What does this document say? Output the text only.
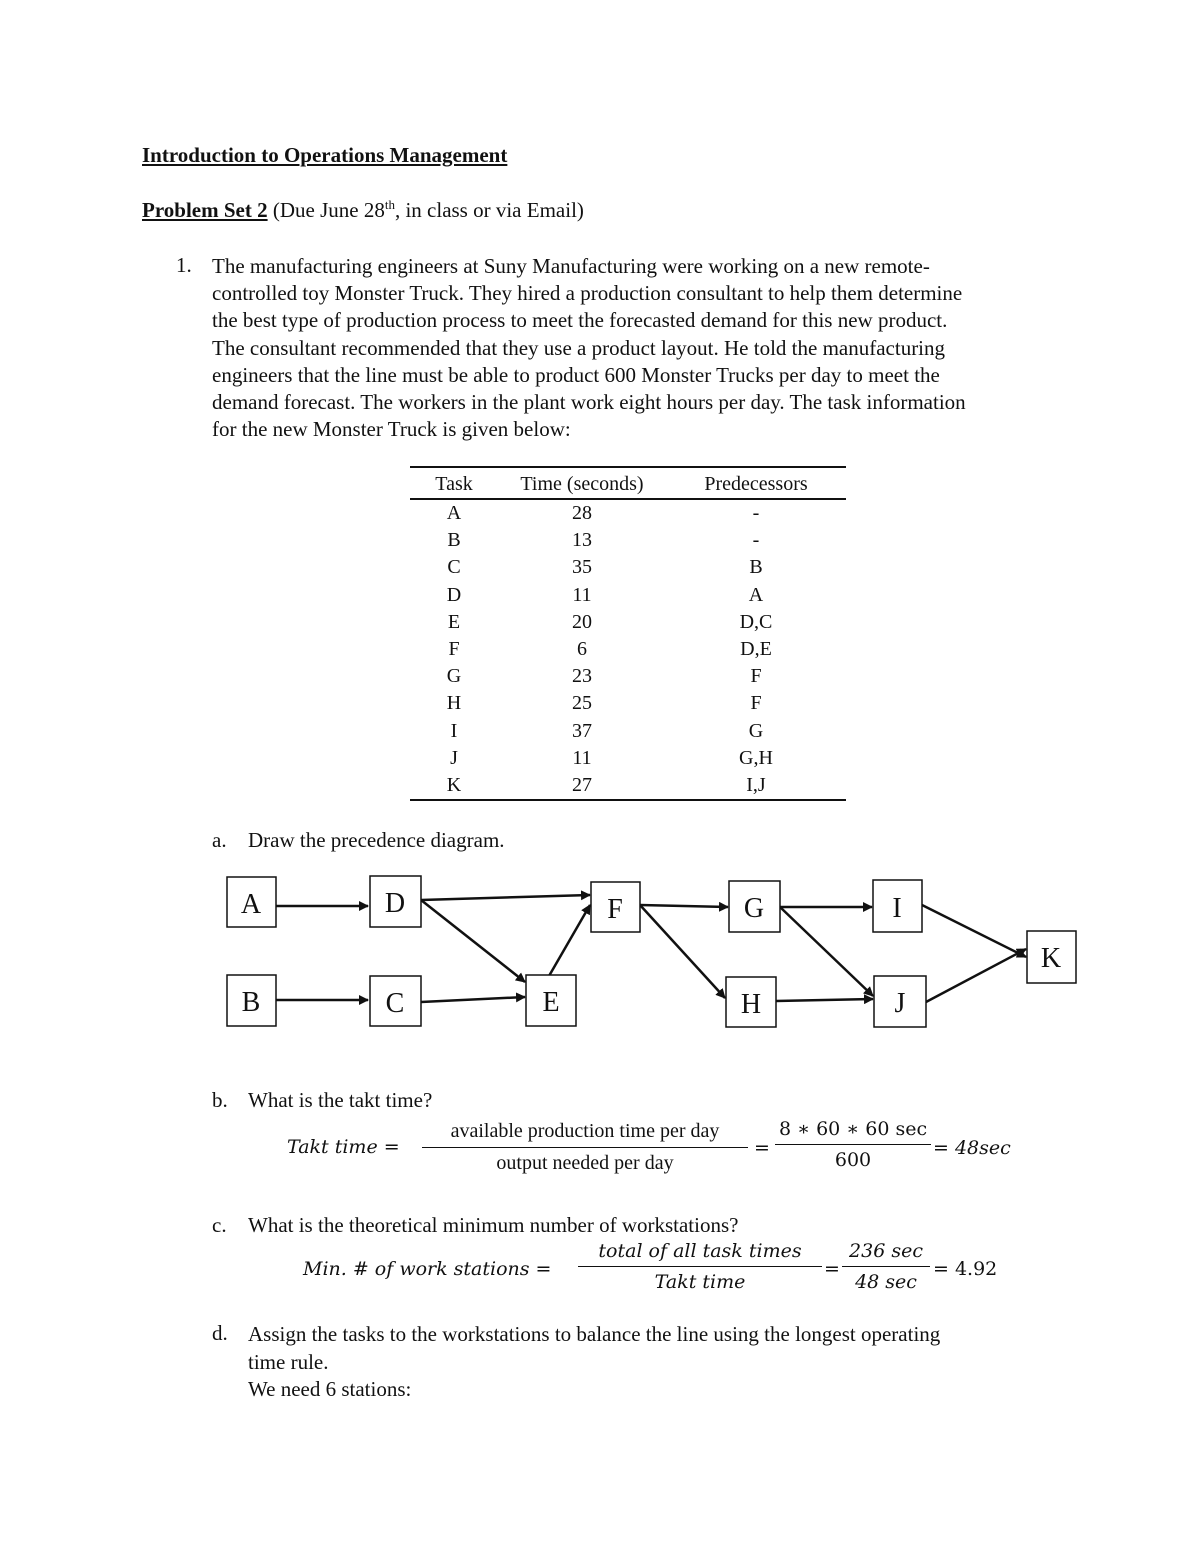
Introduction to Operations Management
Problem Set 2 (Due June 28th, in class or via Email)
1. The manufacturing engineers at Suny Manufacturing were working on a new remote-

controlled toy Monster Truck. They hired a production consultant to help them determine

the best type of production process to meet the forecasted demand for this new product.

The consultant recommended that they use a product layout. He told the manufacturing

engineers that the line must be able to product 600 Monster Trucks per day to meet the

demand forecast. The workers in the plant work eight hours per day. The task information

for the new Monster Truck is given below:

Task	Time (seconds)	Predecessors
A	28	-
B	13	-
C	35	B
D	11	A
E	20	D,C
F	6	D,E
G	23	F
H	25	F
I	37	G
J	11	G,H
K	27	I,J
a. Draw the precedence diagram.
A
B	C
D
E
F	G
H
I
J
K
b. What is the takt time?
Takt time =
available production time per day
output needed per day
=
8 ∗ 60 ∗ 60 sec
600
= 48sec
c. What is the theoretical minimum number of workstations?
Min. # of work stations =
total of all task times
Takt time
=
236 sec
48 sec
= 4.92
d. Assign the tasks to the workstations to balance the line using the longest operating
time rule.
We need 6 stations:
